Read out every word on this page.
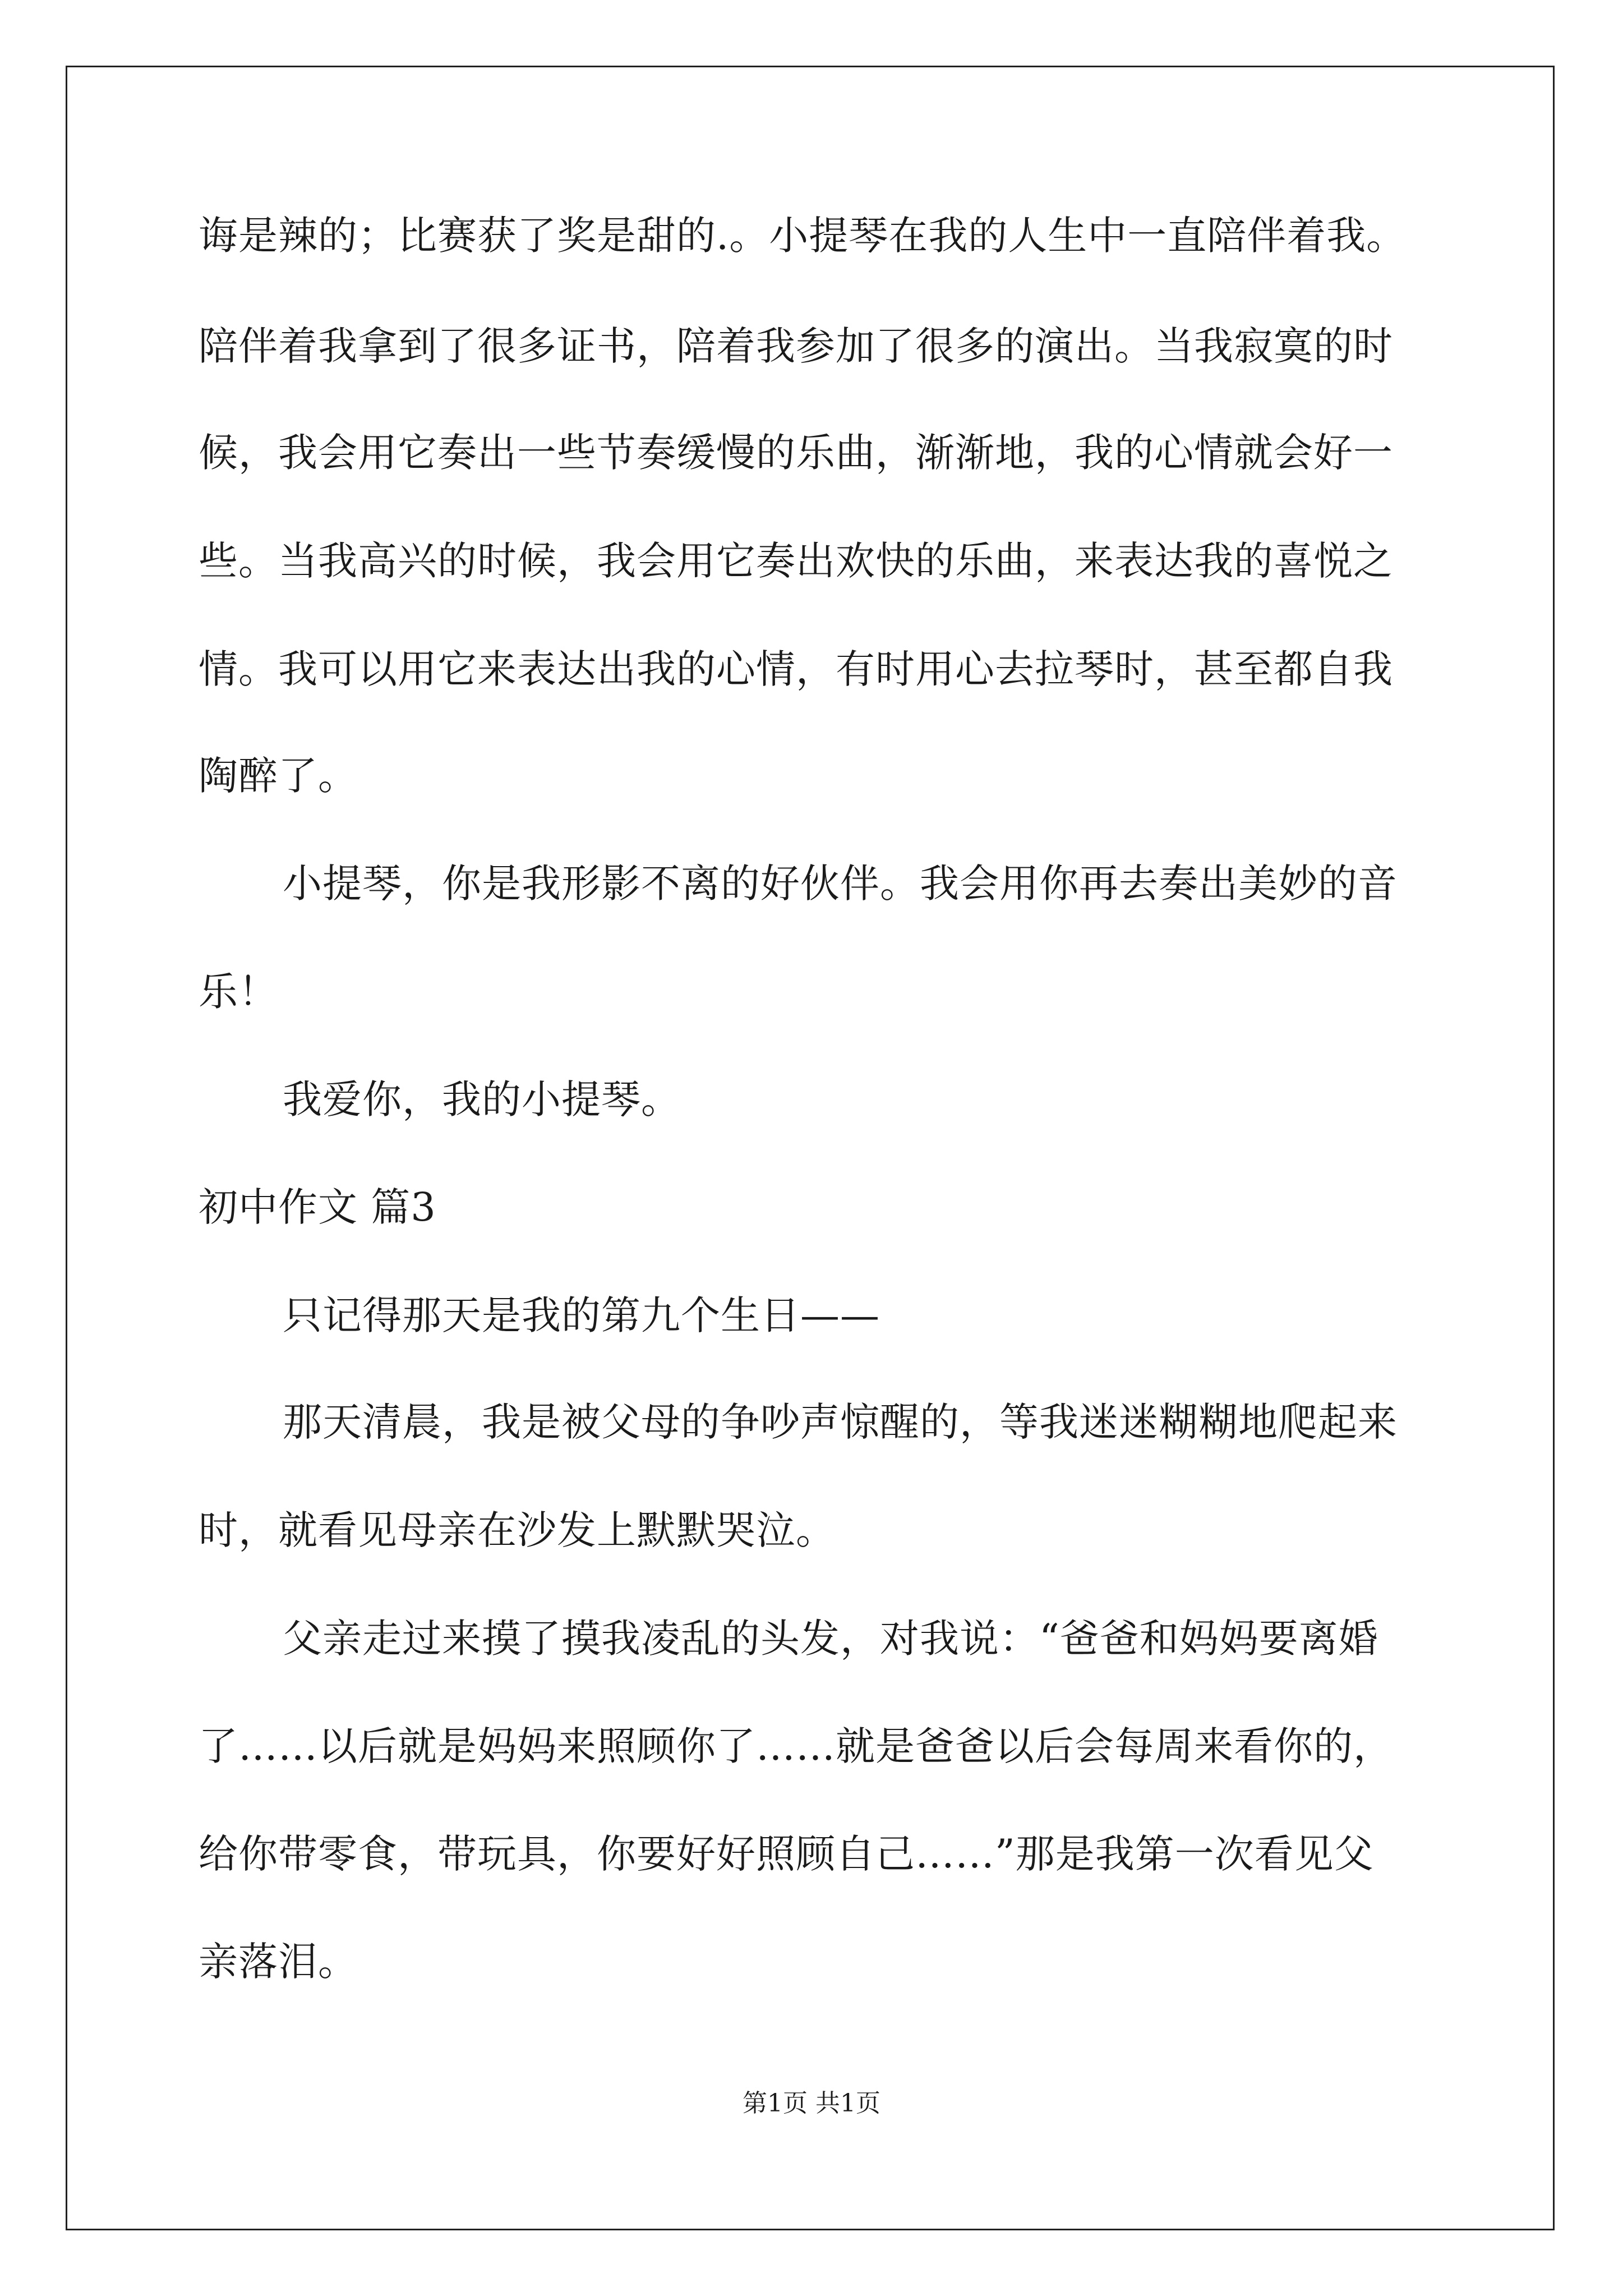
诲是辣的；比赛获了奖是甜的.。小提琴在我的人生中一直陪伴着我。
陪伴着我拿到了很多证书，陪着我参加了很多的演出。当我寂寞的时
候，我会用它奏出一些节奏缓慢的乐曲，渐渐地，我的心情就会好一
些。当我高兴的时候，我会用它奏出欢快的乐曲，来表达我的喜悦之
情。我可以用它来表达出我的心情，有时用心去拉琴时，甚至都自我
陶醉了。
小提琴，你是我形影不离的好伙伴。我会用你再去奏出美妙的音
乐！
我爱你，我的小提琴。
初中作文 篇3
只记得那天是我的第九个生日——
那天清晨，我是被父母的争吵声惊醒的，等我迷迷糊糊地爬起来
时，就看见母亲在沙发上默默哭泣。
父亲走过来摸了摸我凌乱的头发，对我说：“爸爸和妈妈要离婚
了……以后就是妈妈来照顾你了……就是爸爸以后会每周来看你的，
给你带零食，带玩具，你要好好照顾自己……”那是我第一次看见父
亲落泪。
第1页 共1页
